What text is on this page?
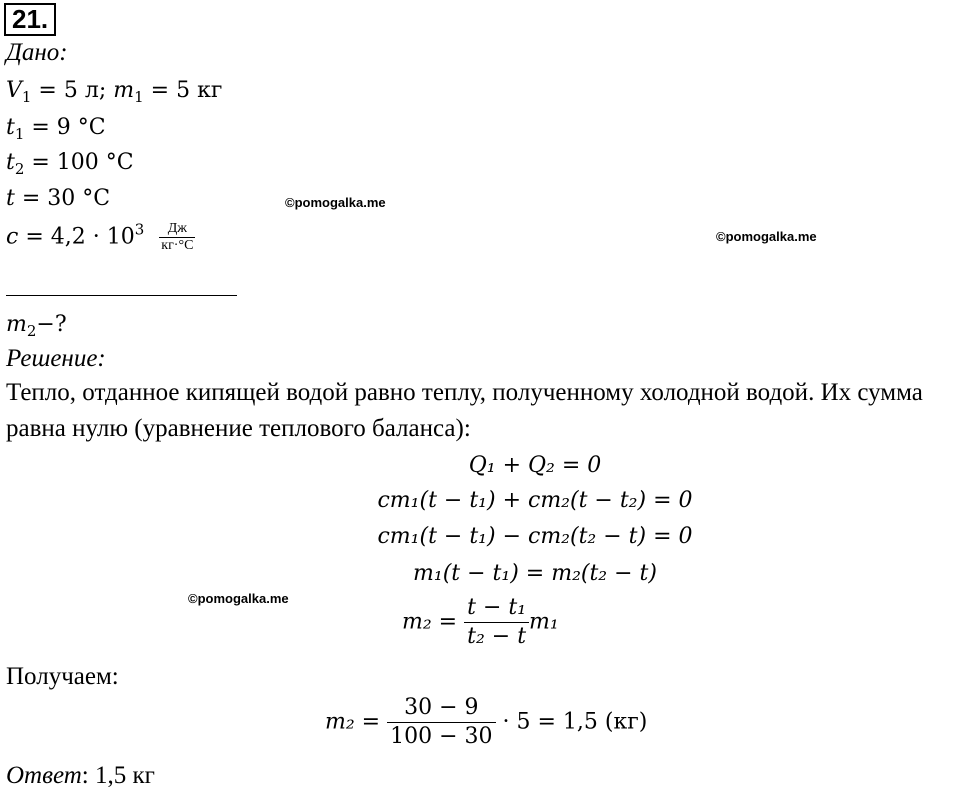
21.
Дано:
$V_1 = 5$ л; $m_1 = 5$ кг
$t_1 = 9$ °C
$t_2 = 100$ °C
t = 30 °C
$c = 4,2 \cdot 10^3 \frac{Дж}{кг\cdot^\circ C}$
$m_2-$?
Решение:
Тепло, отданное кипящей водой равно теплу, полученному холодной водой. Их сумма
равна нулю (уравнение теплового баланса):
Q₁ + Q₂ = 0
cm₁(t − t₁) + cm₂(t − t₂) = 0
cm₁(t − t₁) − cm₂(t₂ − t) = 0
m₁(t − t₁) = m₂(t₂ − t)
$m_2 = \frac{\text{t − t₁}}{\text{t₂ − t}} m_1$
Получаем:
$m_2 = \frac{30 - 9}{100 - 30} \cdot 5 = 1,5$ (кг)
Ответ: 1,5 кг
©pomogalka.me
©pomogalka.me
©pomogalka.me
